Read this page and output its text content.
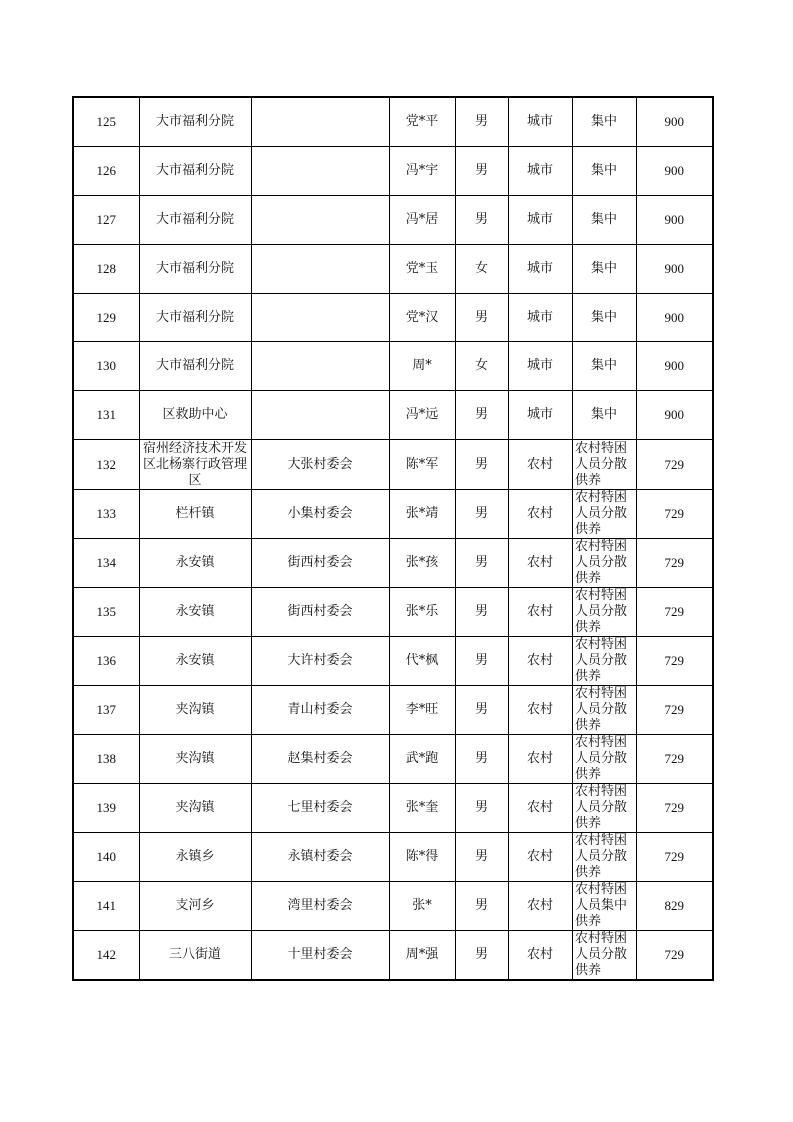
125	大市福利分院		党*平	男	城市	集中	900
126	大市福利分院		冯*宇	男	城市	集中	900
127	大市福利分院		冯*居	男	城市	集中	900
128	大市福利分院		党*玉	女	城市	集中	900
129	大市福利分院		党*汉	男	城市	集中	900
130	大市福利分院		周*	女	城市	集中	900
131	区救助中心		冯*远	男	城市	集中	900
132	宿州经济技术开发区北杨寨行政管理区	大张村委会	陈*军	男	农村	农村特困人员分散供养	729
133	栏杆镇	小集村委会	张*靖	男	农村	农村特困人员分散供养	729
134	永安镇	街西村委会	张*孩	男	农村	农村特困人员分散供养	729
135	永安镇	街西村委会	张*乐	男	农村	农村特困人员分散供养	729
136	永安镇	大许村委会	代*枫	男	农村	农村特困人员分散供养	729
137	夹沟镇	青山村委会	李*旺	男	农村	农村特困人员分散供养	729
138	夹沟镇	赵集村委会	武*跑	男	农村	农村特困人员分散供养	729
139	夹沟镇	七里村委会	张*奎	男	农村	农村特困人员分散供养	729
140	永镇乡	永镇村委会	陈*得	男	农村	农村特困人员分散供养	729
141	支河乡	湾里村委会	张*	男	农村	农村特困人员集中供养	829
142	三八街道	十里村委会	周*强	男	农村	农村特困人员分散供养	729
